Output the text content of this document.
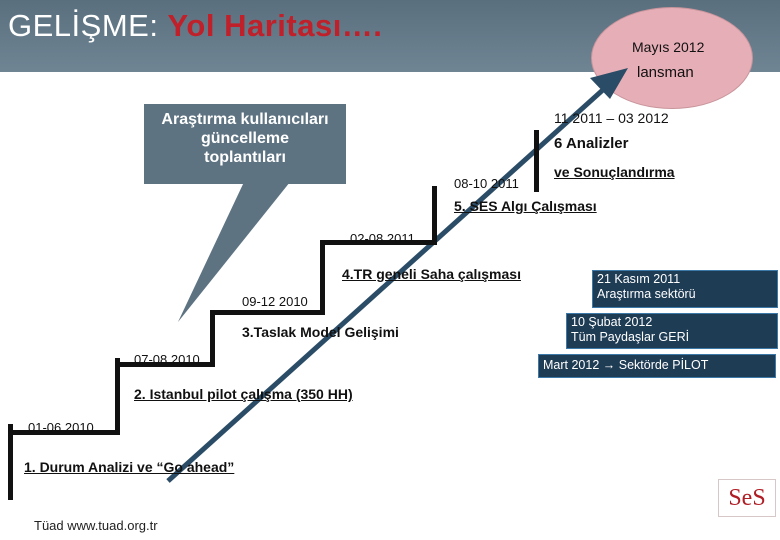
GELİŞME: Yol Haritası….
Mayıs 2012
lansman
Araştırma kullanıcıları
güncelleme
toplantıları
01-06 2010
1. Durum Analizi ve “Go ahead”
07-08 2010
2. Istanbul pilot çalışma (350 HH)
09-12 2010
3.Taslak Model Gelişimi
02-08 2011
4.TR geneli Saha çalışması
08-10 2011
5. SES Algı Çalışması
11 2011 – 03 2012
6 Analizler
ve Sonuçlandırma
21 Kasım 2011
Araştırma sektörü
10 Şubat 2012
Tüm Paydaşlar GERİ
Mart 2012 → Sektörde PİLOT
Tüad www.tuad.org.tr
SeS
